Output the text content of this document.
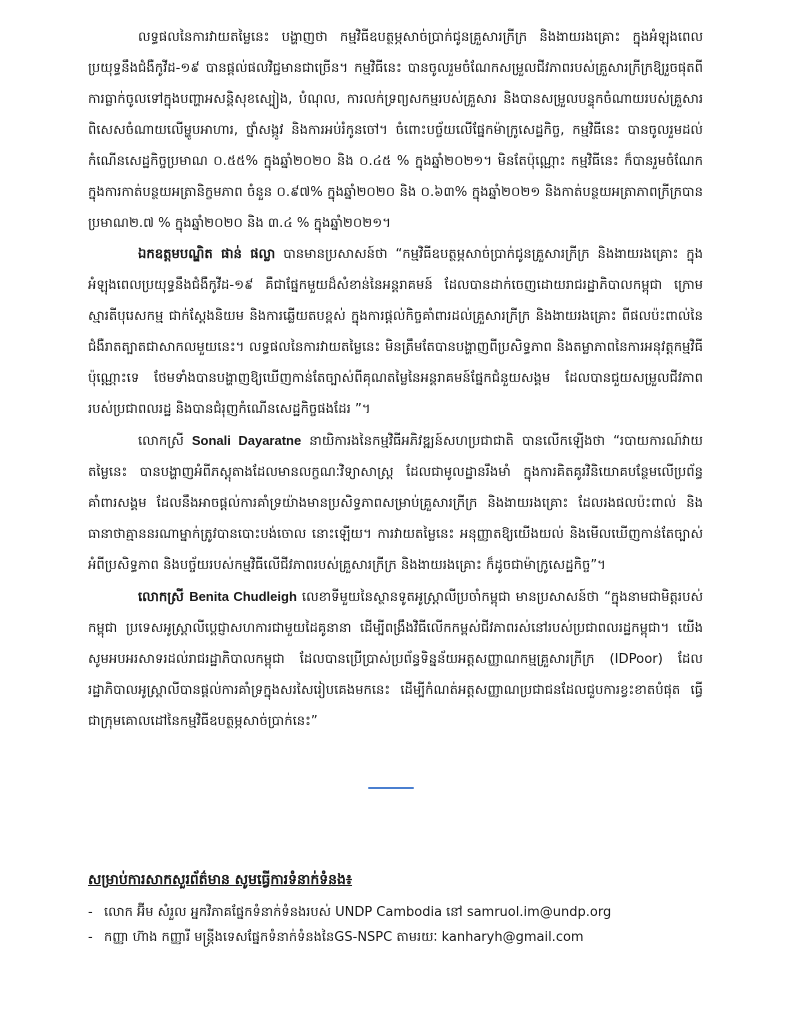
លទ្ធផលនៃការវាយតម្លៃនេះ បង្ហាញថា កម្មវិធីឧបត្ថម្ភសាច់ប្រាក់ជូនគ្រួសារក្រីក្រ និងងាយរងគ្រោះ ក្នុងអំឡុងពេលប្រយុទ្ធនឹងជំងឺកូវីដ-១៩ បានផ្ដល់ផលវិជ្ជមានជាច្រើន។ កម្មវិធីនេះ បានចូលរួមចំណែកសម្រួលជីវភាពរបស់គ្រួសារក្រីក្រឱ្យរួចផុតពីការធ្លាក់ចូលទៅក្នុងបញ្ហាអសន្តិសុខស្បៀង, បំណុល, ការលក់ទ្រព្យសកម្មរបស់គ្រួសារ និងបានសម្រួលបន្ទុកចំណាយរបស់គ្រួសារ ពិសេសចំណាយលើម្ហូបអាហារ, ថ្នាំសង្កូវ និងការអប់រំកូនចៅ។ ចំពោះបច្ច័យលើផ្នែកម៉ាក្រូសេដ្ឋកិច្ច, កម្មវិធីនេះ បានចូលរួមដល់កំណើនសេដ្ឋកិច្ចប្រមាណ ០.៥៥% ក្នុងឆ្នាំ២០២០ និង ០.៤៥ % ក្នុងឆ្នាំ២០២១។ មិនតែប៉ុណ្ណោះ កម្មវិធីនេះ ក៏បានរួមចំណែកក្នុងការកាត់បន្ថយអត្រានិក្ខមភាព ចំនួន ០.៩៧% ក្នុងឆ្នាំ២០២០ និង ០.៦៣% ក្នុងឆ្នាំ២០២១ និងកាត់បន្ថយអត្រាភាពក្រីក្របានប្រមាណ២.៧ % ក្នុងឆ្នាំ២០២០ និង ៣.៤ % ក្នុងឆ្នាំ២០២១។

ឯកឧត្តមបណ្ឌិត ផាន់ ផល្លា បានមានប្រសាសន៍ថា “កម្មវិធីឧបត្ថម្ភសាច់ប្រាក់ជូនគ្រួសារក្រីក្រ និងងាយរងគ្រោះ ក្នុងអំឡុងពេលប្រយុទ្ធនឹងជំងឺកូវីដ-១៩ គឺជាផ្នែកមួយដ៏សំខាន់នៃអន្តរាគមន៍ ដែលបានដាក់ចេញដោយរាជរដ្ឋាភិបាលកម្ពុជា ក្រោមស្មារតីបុរេសកម្ម ជាក់ស្ដែងនិយម និងការឆ្លើយតបខ្ពស់ ក្នុងការផ្ដល់កិច្ចគាំពារដល់គ្រួសារក្រីក្រ និងងាយរងគ្រោះ ពីផលប៉ះពាល់នៃជំងឺរាតត្បាតជាសាកលមួយនេះ។ លទ្ធផលនៃការវាយតម្លៃនេះ មិនត្រឹមតែបានបង្ហាញពីប្រសិទ្ធភាព និងតម្លាភាពនៃការអនុវត្តកម្មវិធីប៉ុណ្ណោះទេ ថែមទាំងបានបង្ហាញឱ្យឃើញកាន់តែច្បាស់ពីគុណតម្លៃនៃអន្តរាគមន៍ផ្នែកជំនួយសង្គម ដែលបានជួយសម្រួលជីវភាពរបស់ប្រជាពលរដ្ឋ និងបានជំរុញកំណើនសេដ្ឋកិច្ចផងដែរ ”។

លោកស្រី Sonali Dayaratne នាយិការងនៃកម្មវិធីអភិវឌ្ឍន៍សហប្រជាជាតិ បានលើកឡើងថា “របាយការណ៍វាយតម្លៃនេះ បានបង្ហាញអំពីភស្តុតាងដែលមានលក្ខណៈវិទ្យាសាស្ត្រ ដែលជាមូលដ្ឋានរឹងមាំ ក្នុងការគិតគូរវិនិយោគបន្ថែមលើប្រព័ន្ធគាំពារសង្គម ដែលនឹងអាចផ្ដល់ការគាំទ្រយ៉ាងមានប្រសិទ្ធភាពសម្រាប់គ្រួសារក្រីក្រ និងងាយរងគ្រោះ ដែលរងផលប៉ះពាល់ និងធានាថាគ្មាននរណាម្នាក់ត្រូវបានបោះបង់ចោល នោះឡើយ។ ការវាយតម្លៃនេះ អនុញ្ញាតឱ្យយើងយល់ និងមើលឃើញកាន់តែច្បាស់អំពីប្រសិទ្ធភាព និងបច្ច័យរបស់កម្មវិធីលើជីវភាពរបស់គ្រួសារក្រីក្រ និងងាយរងគ្រោះ ក៏ដូចជាម៉ាក្រូសេដ្ឋកិច្ច”។

លោកស្រី Benita Chudleigh លេខាទីមួយនៃស្ថានទូតអូស្ត្រាលីប្រចាំកម្ពុជា មានប្រសាសន៍ថា “ក្នុងនាមជាមិត្តរបស់កម្ពុជា ប្រទេសអូស្ត្រាលីប្ដេជ្ញាសហការជាមួយដៃគូនានា ដើម្បីពង្រឹងវិធីលើកកម្ពស់ជីវភាពរស់នៅរបស់ប្រជាពលរដ្ឋកម្ពុជា។ យើងសូមអបអរសាទរដល់រាជរដ្ឋាភិបាលកម្ពុជា ដែលបានប្រើប្រាស់ប្រព័ន្ធទិន្នន័យអត្តសញ្ញាណកម្មគ្រួសារក្រីក្រ (IDPoor) ដែលរដ្ឋាភិបាលអូស្ត្រាលីបានផ្ដល់ការគាំទ្រក្នុងសរសៃរៀបគេងមកនេះ ដើម្បីកំណត់អត្តសញ្ញាណប្រជាជនដែលជួបការខ្វះខាតបំផុត ធ្វើជាក្រុមគោលដៅនៃកម្មវិធីឧបត្ថម្ភសាច់ប្រាក់នេះ”

សម្រាប់ការសាកសួរព័ត៌មាន សូមធ្វើការទំនាក់ទំនង៖

- លោក អ៊ីម សំរួល អ្នកវិភាគផ្នែកទំនាក់ទំនងរបស់ UNDP Cambodia នៅ samruol.im@undp.org
- កញ្ញា ហ៊ាង កញ្ញារី មន្ត្រីងទេសផ្នែកទំនាក់ទំនងនៃGS-NSPC តាមរយៈ kanharyh@gmail.com
